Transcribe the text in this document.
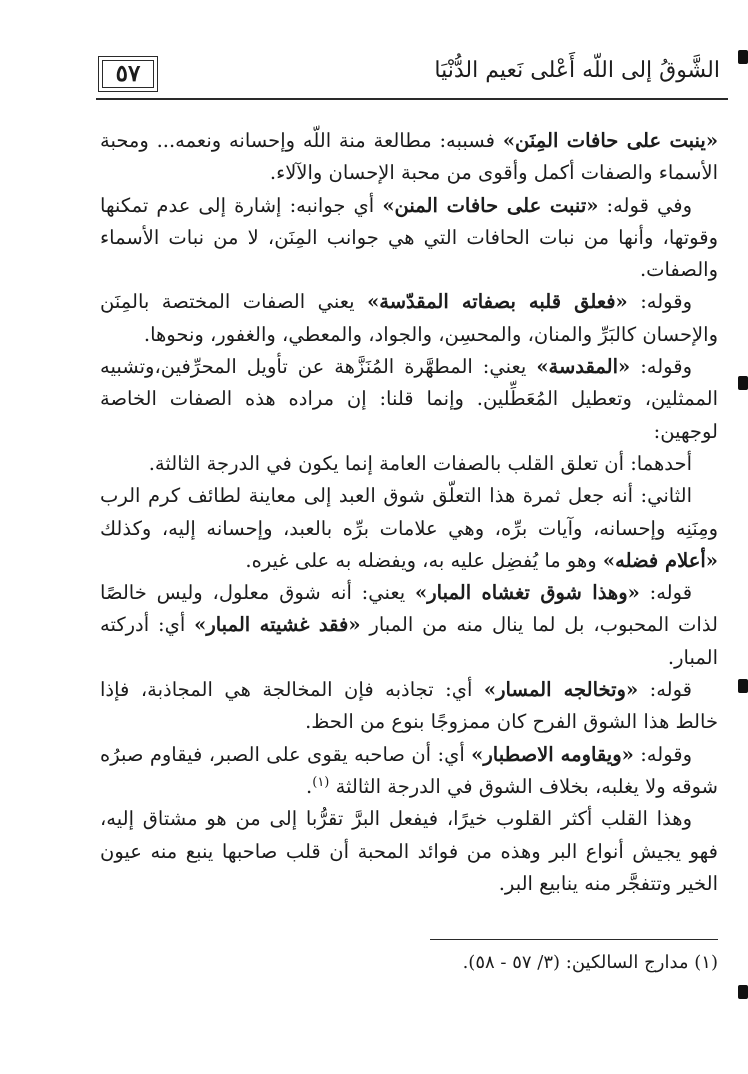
٥٧	الشَّوقُ إلى اللّه أَعْلى نَعيم الدُّنْيَا

«ينبت على حافات المِنَن» فسببه: مطالعة منة اللّه وإحسانه ونعمه... ومحبة الأسماء والصفات أكمل وأقوى من محبة الإحسان والآلاء.

وفي قوله: «تنبت على حافات المنن» أي جوانبه: إشارة إلى عدم تمكنها وقوتها، وأنها من نبات الحافات التي هي جوانب المِنَن، لا من نبات الأسماء والصفات.

وقوله: «فعلق قلبه بصفاته المقدّسة» يعني الصفات المختصة بالمِنَن والإحسان كالبَرِّ والمنان، والمحسِن، والجواد، والمعطي، والغفور، ونحوها.

وقوله: «المقدسة» يعني: المطهَّرة المُنَزَّهة عن تأويل المحرِّفين،وتشبيه الممثلين، وتعطيل المُعَطِّلين. وإنما قلنا: إن مراده هذه الصفات الخاصة لوجهين:

أحدهما: أن تعلق القلب بالصفات العامة إنما يكون في الدرجة الثالثة.

الثاني: أنه جعل ثمرة هذا التعلّق شوق العبد إلى معاينة لطائف كرم الرب ومِنَنِه وإحسانه، وآيات برِّه، وهي علامات برِّه بالعبد، وإحسانه إليه، وكذلك «أعلام فضله» وهو ما يُفضِل عليه به، ويفضله به على غيره.

قوله: «وهذا شوق تغشاه المبار» يعني: أنه شوق معلول، وليس خالصًا لذات المحبوب، بل لما ينال منه من المبار «فقد غشيته المبار» أي: أدركته المبار.

قوله: «وتخالجه المسار» أي: تجاذبه فإن المخالجة هي المجاذبة، فإذا خالط هذا الشوق الفرح كان ممزوجًا بنوع من الحظ.

وقوله: «ويقاومه الاصطبار» أي: أن صاحبه يقوى على الصبر، فيقاوم صبرُه شوقه ولا يغلبه، بخلاف الشوق في الدرجة الثالثة $^{(١)}$.

وهذا القلب أكثر القلوب خيرًا، فيفعل البرَّ تقرُّبا إلى من هو مشتاق إليه، فهو يجيش أنواع البر وهذه من فوائد المحبة أن قلب صاحبها ينبع منه عيون الخير وتتفجَّر منه ينابيع البر.

(١) مدارج السالكين: (٣/ ٥٧ - ٥٨).
